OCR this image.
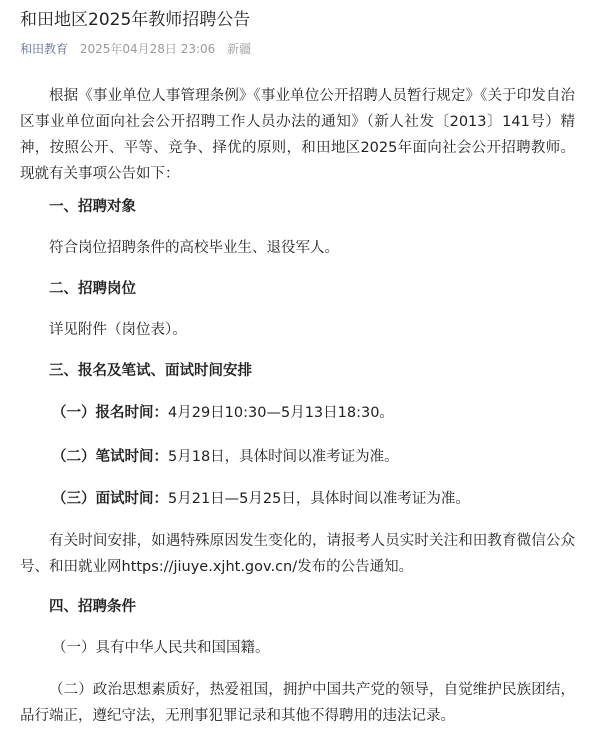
和田地区2025年教师招聘公告
和田教育 2025年04月28日 23:06 新疆

根据《事业单位人事管理条例》《事业单位公开招聘人员暂行规定》《关于印发自治区事业单位面向社会公开招聘工作人员办法的通知》（新人社发〔2013〕141号）精神，按照公开、平等、竞争、择优的原则，和田地区2025年面向社会公开招聘教师。现就有关事项公告如下：

一、招聘对象
符合岗位招聘条件的高校毕业生、退役军人。
二、招聘岗位
详见附件（岗位表）。
三、报名及笔试、面试时间安排
（一）报名时间：4月29日10:30—5月13日18:30。
（二）笔试时间：5月18日，具体时间以准考证为准。
（三）面试时间：5月21日—5月25日，具体时间以准考证为准。

有关时间安排，如遇特殊原因发生变化的，请报考人员实时关注和田教育微信公众号、和田就业网https://jiuye.xjht.gov.cn/发布的公告通知。

四、招聘条件
（一）具有中华人民共和国国籍。

（二）政治思想素质好，热爱祖国，拥护中国共产党的领导，自觉维护民族团结，品行端正，遵纪守法，无刑事犯罪记录和其他不得聘用的违法记录。
